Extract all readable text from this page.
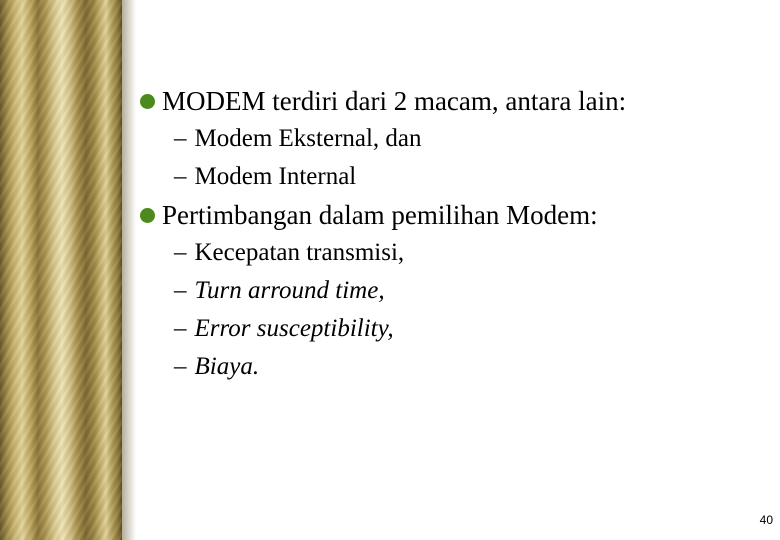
MODEM terdiri dari 2 macam, antara lain:
– Modem Eksternal, dan
– Modem Internal
Pertimbangan dalam pemilihan Modem:
– Kecepatan transmisi,
– Turn arround time,
– Error susceptibility,
– Biaya.
40
